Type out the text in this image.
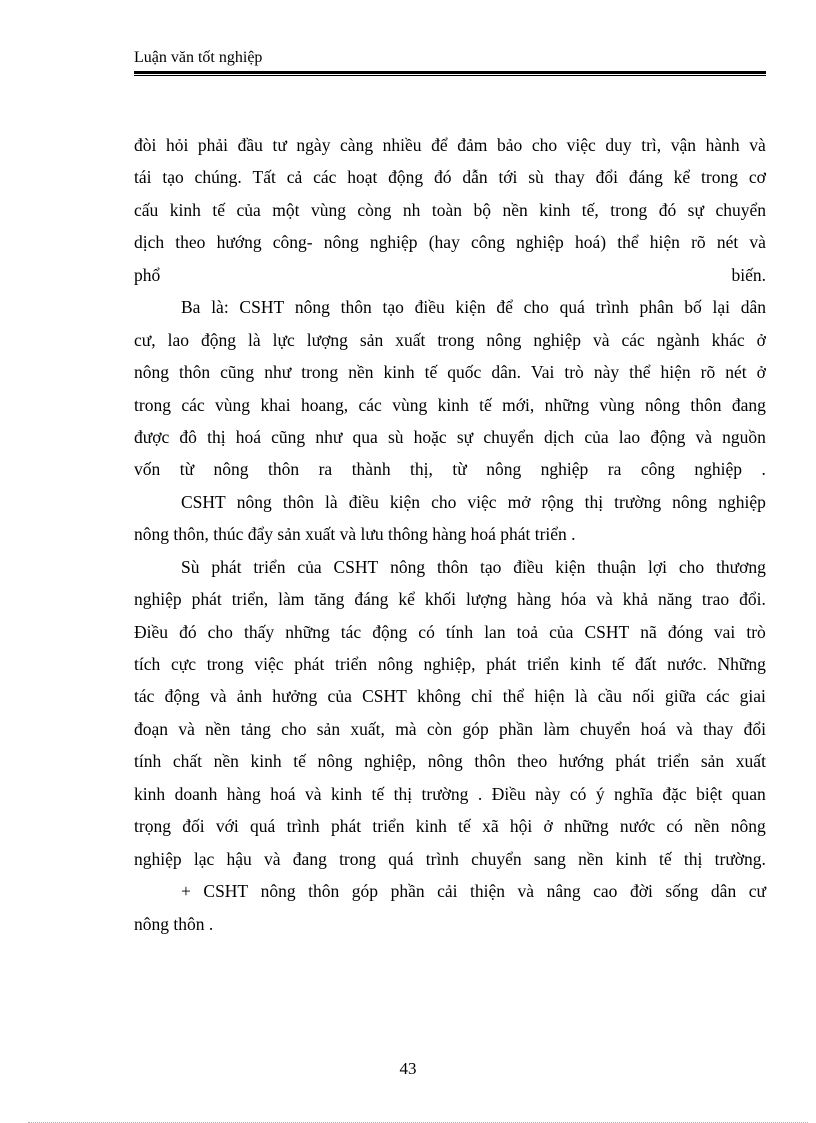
Luận văn tốt nghiệp
đòi hỏi phải đầu tư ngày càng nhiều để đảm bảo cho việc duy trì, vận hành và
tái tạo chúng. Tất cả các hoạt động đó dẫn tới sù thay đổi đáng kể trong cơ
cấu kinh tế của một vùng còng nh toàn bộ nền kinh tế, trong đó sự chuyển
dịch theo hướng công- nông nghiệp (hay công nghiệp hoá) thể hiện rõ nét và
phổ	biến.
Ba là: CSHT nông thôn tạo điều kiện để cho quá trình phân bố lại dân
cư, lao động là lực lượng sản xuất trong nông nghiệp và các ngành khác ở
nông thôn cũng như trong nền kinh tế quốc dân. Vai trò này thể hiện rõ nét ở
trong các vùng khai hoang, các vùng kinh tế mới, những vùng nông thôn đang
được đô thị hoá cũng như qua sù hoặc sự chuyển dịch của lao động và nguồn
vốn từ nông thôn ra thành thị, từ nông nghiệp ra công nghiệp .
CSHT nông thôn là điều kiện cho việc mở rộng thị trường nông nghiệp
nông thôn, thúc đẩy sản xuất và lưu thông hàng hoá phát triển .
Sù phát triển của CSHT nông thôn tạo điều kiện thuận lợi cho thương
nghiệp phát triển, làm tăng đáng kể khối lượng hàng hóa và khả năng trao đổi.
Điều đó cho thấy những tác động có tính lan toả của CSHT nã đóng vai trò
tích cực trong việc phát triển nông nghiệp, phát triển kinh tế đất nước. Những
tác động và ảnh hưởng của CSHT không chỉ thể hiện là cầu nối giữa các giai
đoạn và nền tảng cho sản xuất, mà còn góp phần làm chuyển hoá và thay đổi
tính chất nền kinh tế nông nghiệp, nông thôn theo hướng phát triển sản xuất
kinh doanh hàng hoá và kinh tế thị trường . Điều này có ý nghĩa đặc biệt quan
trọng đối với quá trình phát triển kinh tế xã hội ở những nước có nền nông
nghiệp lạc hậu và đang trong quá trình chuyển sang nền kinh tế thị trường.
+ CSHT nông thôn góp phần cải thiện và nâng cao đời sống dân cư
nông thôn .
43
